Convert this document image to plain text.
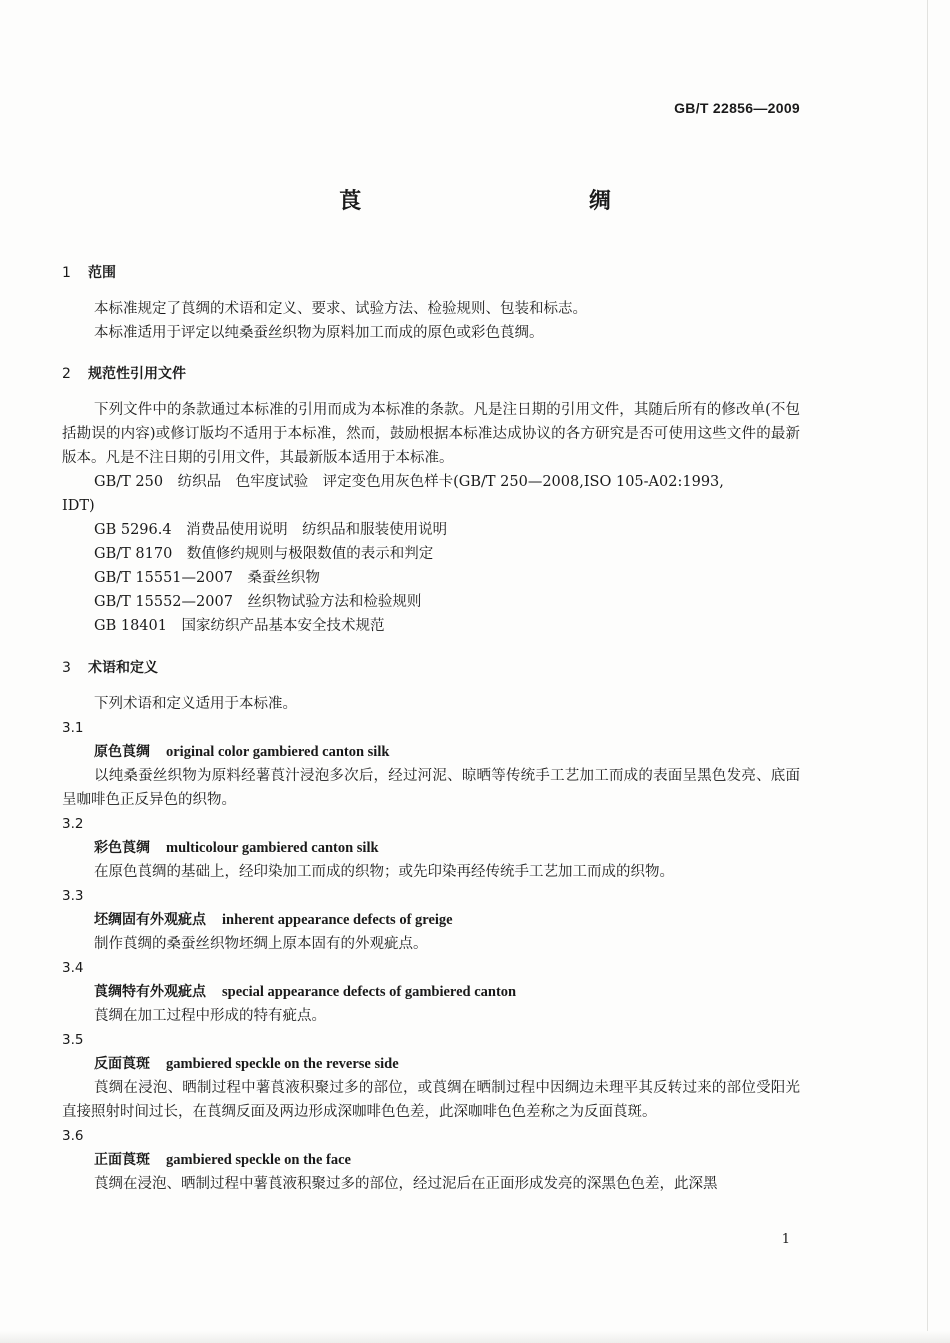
GB/T 22856—2009
莨 绸
1 范围
本标准规定了莨绸的术语和定义、要求、试验方法、检验规则、包装和标志。
本标准适用于评定以纯桑蚕丝织物为原料加工而成的原色或彩色莨绸。
2 规范性引用文件
下列文件中的条款通过本标准的引用而成为本标准的条款。凡是注日期的引用文件，其随后所有的修改单(不包括勘误的内容)或修订版均不适用于本标准，然而，鼓励根据本标准达成协议的各方研究是否可使用这些文件的最新版本。凡是不注日期的引用文件，其最新版本适用于本标准。
GB/T 250　纺织品　色牢度试验　评定变色用灰色样卡(GB/T 250—2008,ISO 105-A02:1993,
IDT)
GB 5296.4　消费品使用说明　纺织品和服装使用说明
GB/T 8170　数值修约规则与极限数值的表示和判定
GB/T 15551—2007　桑蚕丝织物
GB/T 15552—2007　丝织物试验方法和检验规则
GB 18401　国家纺织产品基本安全技术规范
3 术语和定义
下列术语和定义适用于本标准。
3.1
原色莨绸 original color gambiered canton silk
以纯桑蚕丝织物为原料经薯莨汁浸泡多次后，经过河泥、晾晒等传统手工艺加工而成的表面呈黑色发亮、底面呈咖啡色正反异色的织物。
3.2
彩色莨绸 multicolour gambiered canton silk
在原色莨绸的基础上，经印染加工而成的织物；或先印染再经传统手工艺加工而成的织物。
3.3
坯绸固有外观疵点 inherent appearance defects of greige
制作莨绸的桑蚕丝织物坯绸上原本固有的外观疵点。
3.4
莨绸特有外观疵点 special appearance defects of gambiered canton
莨绸在加工过程中形成的特有疵点。
3.5
反面莨斑 gambiered speckle on the reverse side
莨绸在浸泡、晒制过程中薯莨液积聚过多的部位，或莨绸在晒制过程中因绸边未理平其反转过来的部位受阳光直接照射时间过长，在莨绸反面及两边形成深咖啡色色差，此深咖啡色色差称之为反面莨斑。
3.6
正面莨斑 gambiered speckle on the face
莨绸在浸泡、晒制过程中薯莨液积聚过多的部位，经过泥后在正面形成发亮的深黑色色差，此深黑
1
